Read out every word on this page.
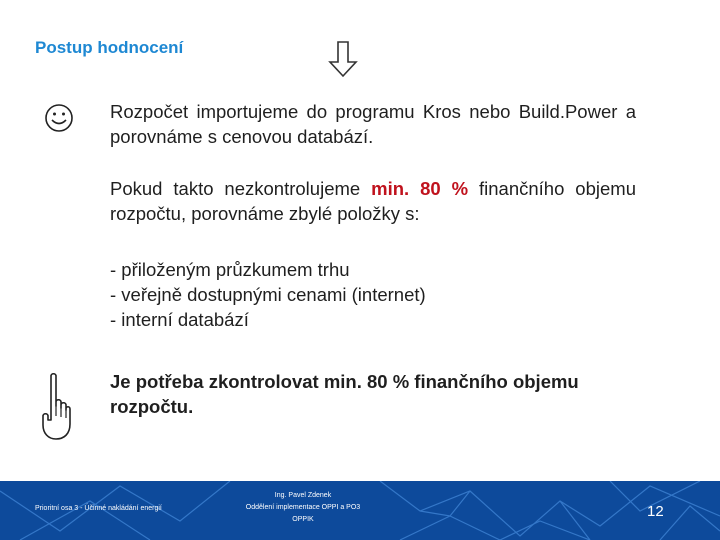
Postup hodnocení
Rozpočet importujeme do programu Kros nebo Build.Power a porovnáme s cenovou databází.
Pokud takto nezkontrolujeme min. 80 % finančního objemu rozpočtu, porovnáme zbylé položky s:
- přiloženým průzkumem trhu
- veřejně dostupnými cenami (internet)
- interní databází
Je potřeba zkontrolovat min. 80 % finančního objemu rozpočtu.
Prioritní osa 3 - Účinné nakládání energií
Ing. Pavel Zdenek
Oddělení implementace OPPI a PO3
OPPIK	12
